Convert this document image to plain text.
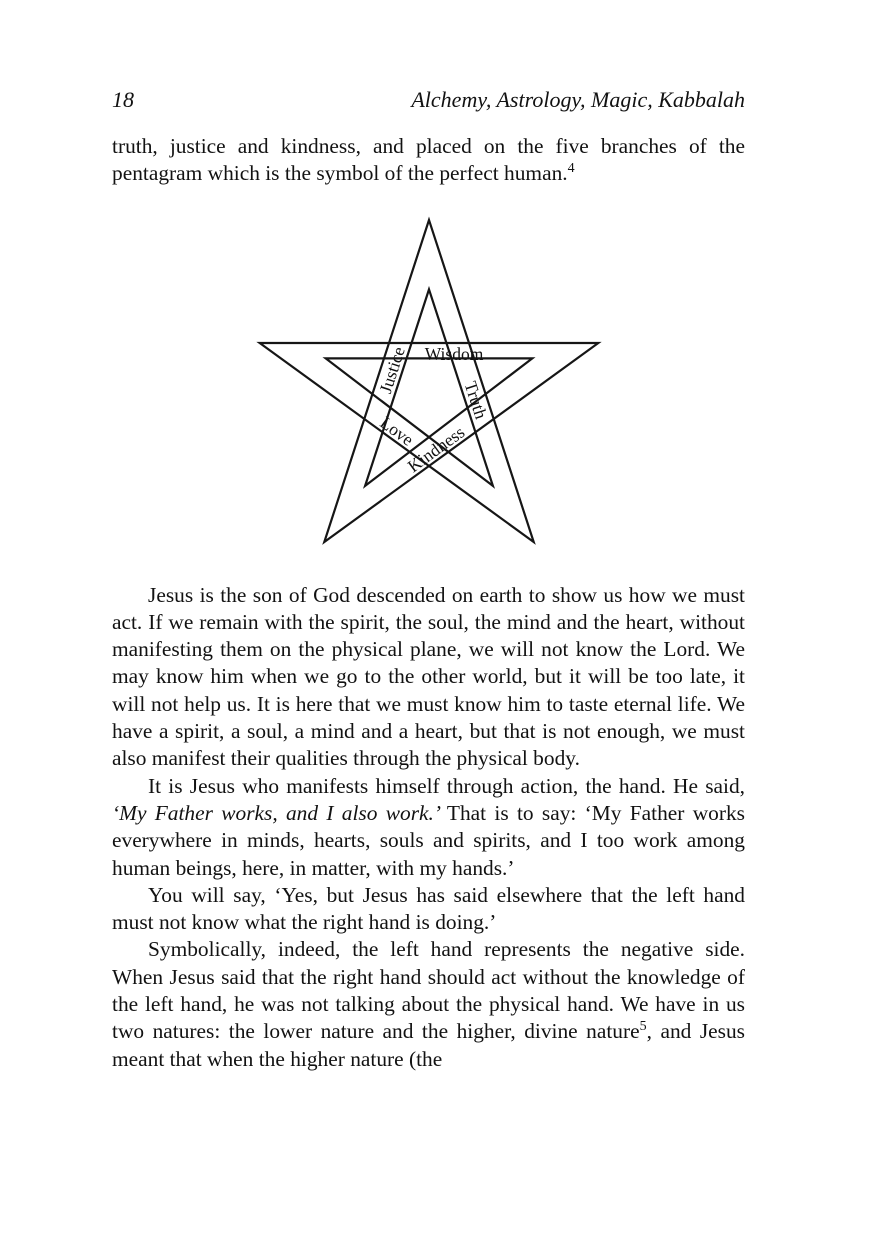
18	Alchemy, Astrology, Magic, Kabbalah

truth, justice and kindness, and placed on the five branches of the pentagram which is the symbol of the perfect human.$^4$

Wisdom
Justice
Truth
Love
Kindness

Jesus is the son of God descended on earth to show us how we must act. If we remain with the spirit, the soul, the mind and the heart, without manifesting them on the physical plane, we will not know the Lord. We may know him when we go to the other world, but it will be too late, it will not help us. It is here that we must know him to taste eternal life. We have a spirit, a soul, a mind and a heart, but that is not enough, we must also manifest their qualities through the physical body.

It is Jesus who manifests himself through action, the hand. He said, ‘My Father works, and I also work.’ That is to say: ‘My Father works everywhere in minds, hearts, souls and spirits, and I too work among human beings, here, in matter, with my hands.’

You will say, ‘Yes, but Jesus has said elsewhere that the left hand must not know what the right hand is doing.’

Symbolically, indeed, the left hand represents the negative side. When Jesus said that the right hand should act without the knowledge of the left hand, he was not talking about the physical hand. We have in us two natures: the lower nature and the higher, divine nature$^5$, and Jesus meant that when the higher nature (the
